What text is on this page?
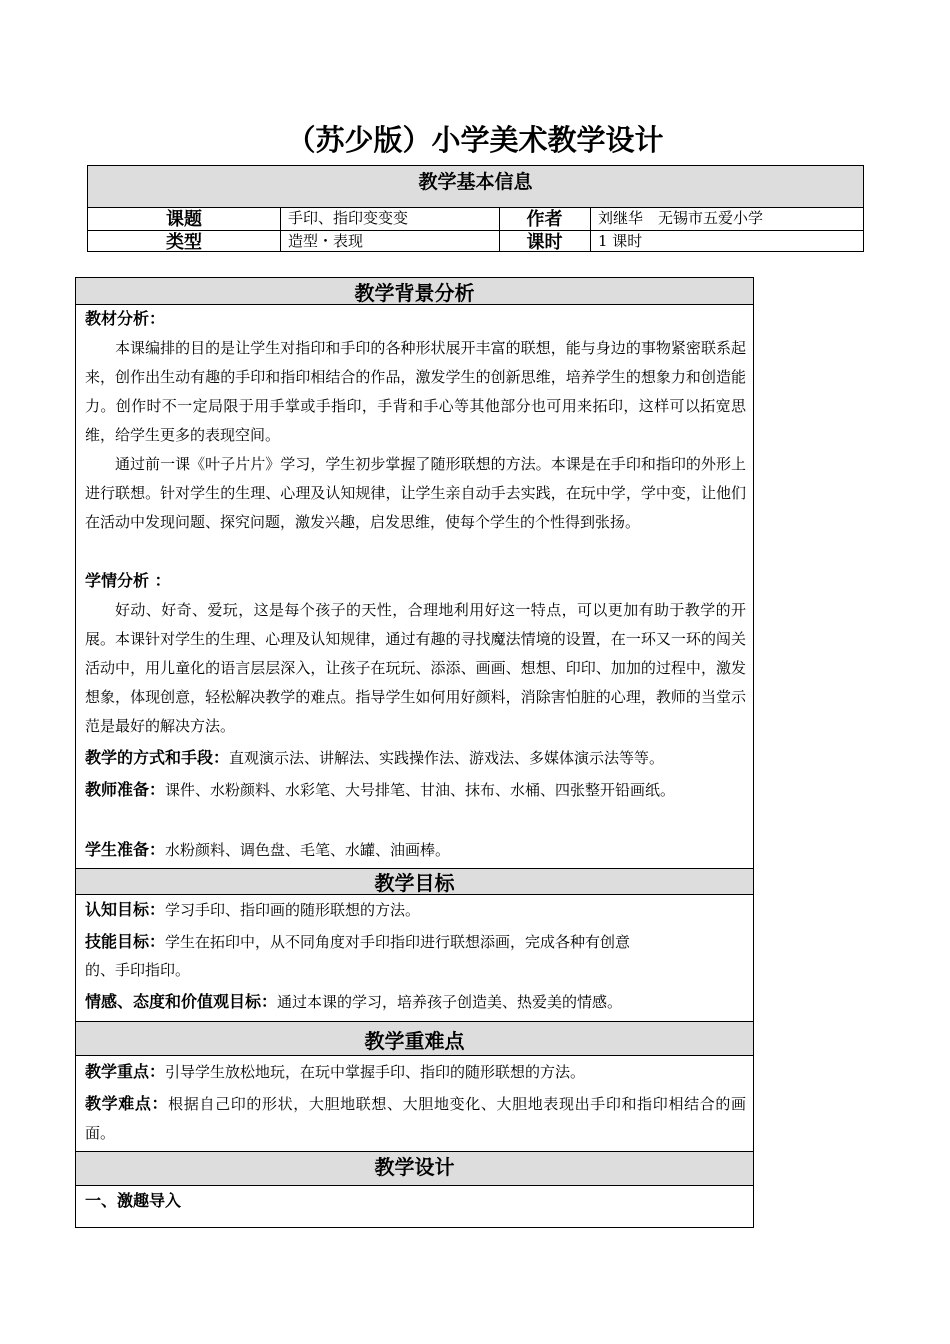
（苏少版）小学美术教学设计
教学基本信息
课题	手印、指印变变变	作者	刘继华　无锡市五爱小学
类型	造型・表现	课时	1 课时
教学背景分析
教材分析：

本课编排的目的是让学生对指印和手印的各种形状展开丰富的联想，能与身边的事物紧密联系起来，创作出生动有趣的手印和指印相结合的作品，激发学生的创新思维，培养学生的想象力和创造能力。创作时不一定局限于用手掌或手指印，手背和手心等其他部分也可用来拓印，这样可以拓宽思维，给学生更多的表现空间。

通过前一课《叶子片片》学习，学生初步掌握了随形联想的方法。本课是在手印和指印的外形上进行联想。针对学生的生理、心理及认知规律，让学生亲自动手去实践，在玩中学，学中变，让他们在活动中发现问题、探究问题，激发兴趣，启发思维，使每个学生的个性得到张扬。

学情分析 ：

好动、好奇、爱玩，这是每个孩子的天性，合理地利用好这一特点，可以更加有助于教学的开展。本课针对学生的生理、心理及认知规律，通过有趣的寻找魔法情境的设置，在一环又一环的闯关活动中，用儿童化的语言层层深入，让孩子在玩玩、添添、画画、想想、印印、加加的过程中，激发想象，体现创意，轻松解决教学的难点。指导学生如何用好颜料，消除害怕脏的心理，教师的当堂示范是最好的解决方法。

教学的方式和手段：直观演示法、讲解法、实践操作法、游戏法、多媒体演示法等等。
教师准备：课件、水粉颜料、水彩笔、大号排笔、甘油、抹布、水桶、四张整开铅画纸。
学生准备：水粉颜料、调色盘、毛笔、水罐、油画棒。
教学目标
认知目标：学习手印、指印画的随形联想的方法。
技能目标：学生在拓印中，从不同角度对手印指印进行联想添画，完成各种有创意
的、手印指印。
情感、态度和价值观目标：通过本课的学习，培养孩子创造美、热爱美的情感。
教学重难点
教学重点：引导学生放松地玩，在玩中掌握手印、指印的随形联想的方法。
教学难点：根据自己印的形状，大胆地联想、大胆地变化、大胆地表现出手印和指印相结合的画面。
教学设计
一、激趣导入
